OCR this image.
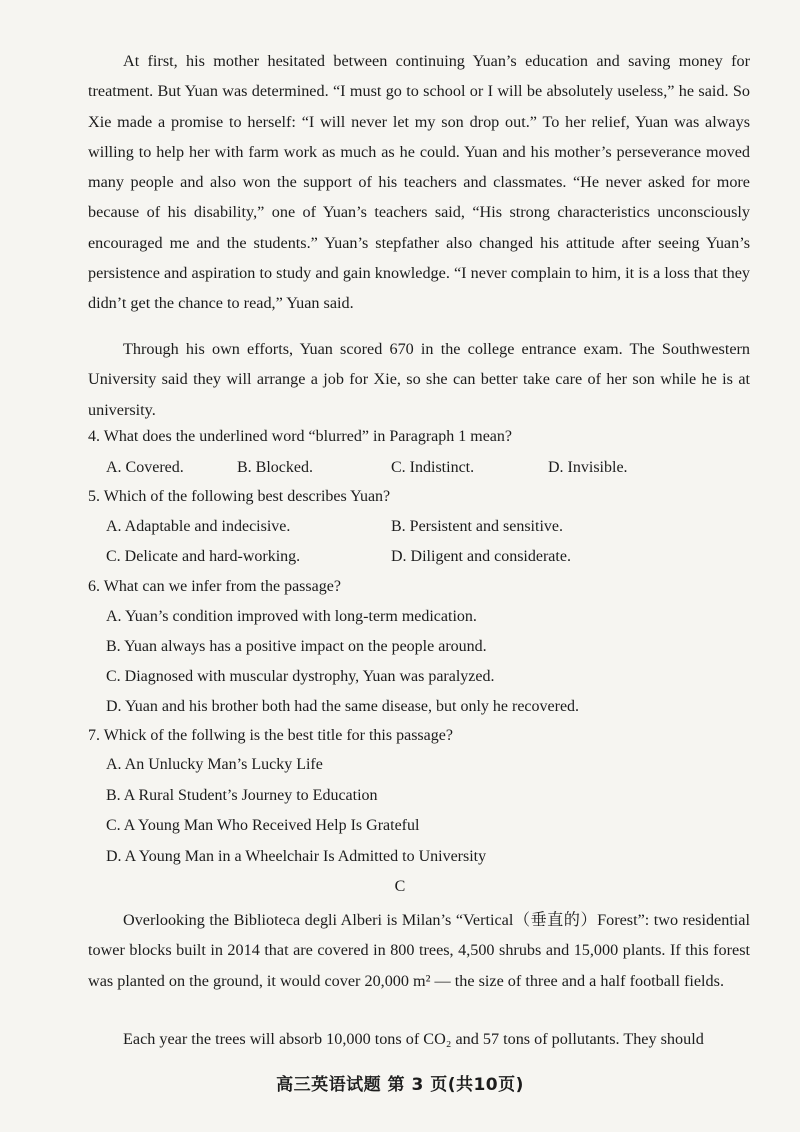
At first, his mother hesitated between continuing Yuan’s education and saving money for treatment. But Yuan was determined. “I must go to school or I will be absolutely useless,” he said. So Xie made a promise to herself: “I will never let my son drop out.” To her relief, Yuan was always willing to help her with farm work as much as he could. Yuan and his mother’s perseverance moved many people and also won the support of his teachers and classmates. “He never asked for more because of his disability,” one of Yuan’s teachers said, “His strong characteristics unconsciously encouraged me and the students.” Yuan’s stepfather also changed his attitude after seeing Yuan’s persistence and aspiration to study and gain knowledge. “I never complain to him, it is a loss that they didn’t get the chance to read,” Yuan said.

Through his own efforts, Yuan scored 670 in the college entrance exam. The Southwestern University said they will arrange a job for Xie, so she can better take care of her son while he is at university.

4. What does the underlined word “blurred” in Paragraph 1 mean?

A. Covered.	B. Blocked.	C. Indistinct.	D. Invisible.

5. Which of the following best describes Yuan?

A. Adaptable and indecisive.	B. Persistent and sensitive.

C. Delicate and hard-working.	D. Diligent and considerate.

6. What can we infer from the passage?

A. Yuan’s condition improved with long-term medication.

B. Yuan always has a positive impact on the people around.

C. Diagnosed with muscular dystrophy, Yuan was paralyzed.

D. Yuan and his brother both had the same disease, but only he recovered.

7. Whick of the follwing is the best title for this passage?

A. An Unlucky Man’s Lucky Life

B. A Rural Student’s Journey to Education

C. A Young Man Who Received Help Is Grateful

D. A Young Man in a Wheelchair Is Admitted to University

C

Overlooking the Biblioteca degli Alberi is Milan’s “Vertical（垂直的）Forest”: two residential tower blocks built in 2014 that are covered in 800 trees, 4,500 shrubs and 15,000 plants. If this forest was planted on the ground, it would cover 20,000 m² — the size of three and a half football fields.

Each year the trees will absorb 10,000 tons of CO₂ and 57 tons of pollutants. They should

高三英语试题 第 3 页(共10页)
